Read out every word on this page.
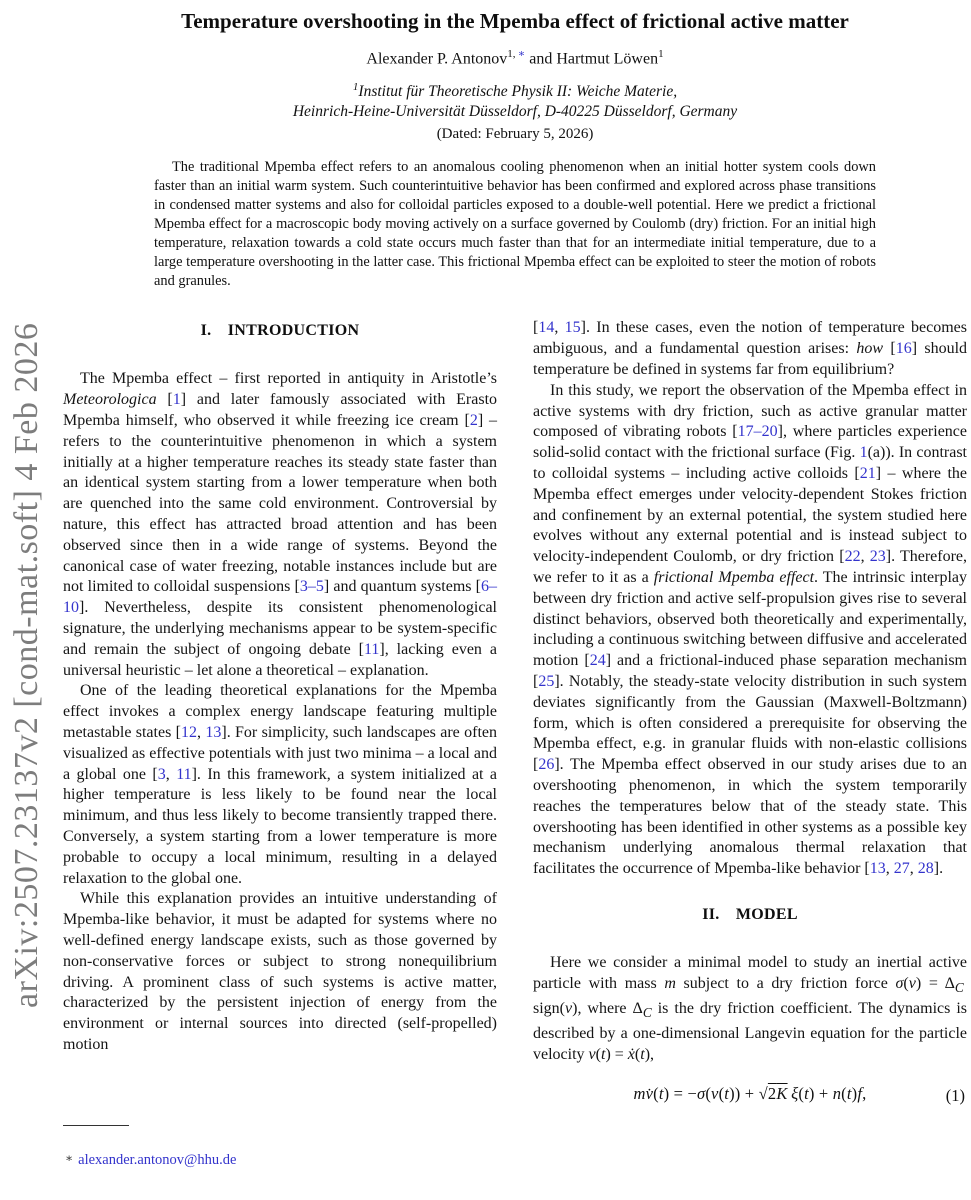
arXiv:2507.23137v2 [cond-mat.soft] 4 Feb 2026
Temperature overshooting in the Mpemba effect of frictional active matter
Alexander P. Antonov$^{1, ∗}$ and Hartmut Löwen$^1$
$^1$Institut für Theoretische Physik II: Weiche Materie,
Heinrich-Heine-Universität Düsseldorf, D-40225 Düsseldorf, Germany
(Dated: February 5, 2026)

The traditional Mpemba effect refers to an anomalous cooling phenomenon when an initial hotter system cools down faster than an initial warm system. Such counterintuitive behavior has been confirmed and explored across phase transitions in condensed matter systems and also for colloidal particles exposed to a double-well potential. Here we predict a frictional Mpemba effect for a macroscopic body moving actively on a surface governed by Coulomb (dry) friction. For an initial high temperature, relaxation towards a cold state occurs much faster than that for an intermediate initial temperature, due to a large temperature overshooting in the latter case. This frictional Mpemba effect can be exploited to steer the motion of robots and granules.

I. INTRODUCTION

The Mpemba effect – first reported in antiquity in Aristotle’s Meteorologica [1] and later famously associated with Erasto Mpemba himself, who observed it while freezing ice cream [2] – refers to the counterintuitive phenomenon in which a system initially at a higher temperature reaches its steady state faster than an identical system starting from a lower temperature when both are quenched into the same cold environment. Controversial by nature, this effect has attracted broad attention and has been observed since then in a wide range of systems. Beyond the canonical case of water freezing, notable instances include but are not limited to colloidal suspensions [3–5] and quantum systems [6–10]. Nevertheless, despite its consistent phenomenological signature, the underlying mechanisms appear to be system-specific and remain the subject of ongoing debate [11], lacking even a universal heuristic – let alone a theoretical – explanation.

One of the leading theoretical explanations for the Mpemba effect invokes a complex energy landscape featuring multiple metastable states [12, 13]. For simplicity, such landscapes are often visualized as effective potentials with just two minima – a local and a global one [3, 11]. In this framework, a system initialized at a higher temperature is less likely to be found near the local minimum, and thus less likely to become transiently trapped there. Conversely, a system starting from a lower temperature is more probable to occupy a local minimum, resulting in a delayed relaxation to the global one.

While this explanation provides an intuitive understanding of Mpemba-like behavior, it must be adapted for systems where no well-defined energy landscape exists, such as those governed by non-conservative forces or subject to strong nonequilibrium driving. A prominent class of such systems is active matter, characterized by the persistent injection of energy from the environment or internal sources into directed (self-propelled) motion

∗ alexander.antonov@hhu.de

[14, 15]. In these cases, even the notion of temperature becomes ambiguous, and a fundamental question arises: how [16] should temperature be defined in systems far from equilibrium?

In this study, we report the observation of the Mpemba effect in active systems with dry friction, such as active granular matter composed of vibrating robots [17–20], where particles experience solid-solid contact with the frictional surface (Fig. 1(a)). In contrast to colloidal systems – including active colloids [21] – where the Mpemba effect emerges under velocity-dependent Stokes friction and confinement by an external potential, the system studied here evolves without any external potential and is instead subject to velocity-independent Coulomb, or dry friction [22, 23]. Therefore, we refer to it as a frictional Mpemba effect. The intrinsic interplay between dry friction and active self-propulsion gives rise to several distinct behaviors, observed both theoretically and experimentally, including a continuous switching between diffusive and accelerated motion [24] and a frictional-induced phase separation mechanism [25]. Notably, the steady-state velocity distribution in such system deviates significantly from the Gaussian (Maxwell-Boltzmann) form, which is often considered a prerequisite for observing the Mpemba effect, e.g. in granular fluids with non-elastic collisions [26]. The Mpemba effect observed in our study arises due to an overshooting phenomenon, in which the system temporarily reaches the temperatures below that of the steady state. This overshooting has been identified in other systems as a possible key mechanism underlying anomalous thermal relaxation that facilitates the occurrence of Mpemba-like behavior [13, 27, 28].

II. MODEL

Here we consider a minimal model to study an inertial active particle with mass m subject to a dry friction force $\sigma(v) = \Delta_C$ sign(v), where $\Delta_C$ is the dry friction coefficient. The dynamics is described by a one-dimensional Langevin equation for the particle velocity v(t) = ẋ(t),

mv̇(t) = −σ(v(t)) + √2K  ξ(t) + n(t)f,	(1)
